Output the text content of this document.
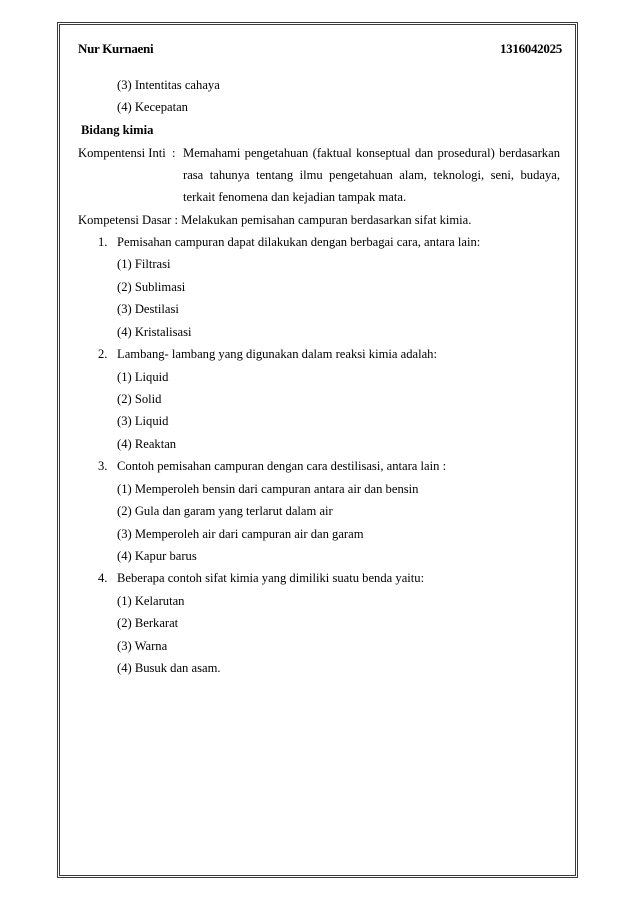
Nur Kurnaeni	1316042025
(3) Intentitas cahaya
(4) Kecepatan
Bidang kimia
Kompentensi Inti : Memahami pengetahuan (faktual konseptual dan prosedural) berdasarkan
rasa tahunya tentang ilmu pengetahuan alam, teknologi, seni, budaya,
terkait fenomena dan kejadian tampak mata.
Kompetensi Dasar : Melakukan pemisahan campuran berdasarkan sifat kimia.
1. Pemisahan campuran dapat dilakukan dengan berbagai cara, antara lain:
(1) Filtrasi
(2) Sublimasi
(3) Destilasi
(4) Kristalisasi
2. Lambang- lambang yang digunakan dalam reaksi kimia adalah:
(1) Liquid
(2) Solid
(3) Liquid
(4) Reaktan
3. Contoh pemisahan campuran dengan cara destilisasi, antara lain :
(1) Memperoleh bensin dari campuran antara air dan bensin
(2) Gula dan garam yang terlarut dalam air
(3) Memperoleh air dari campuran air dan garam
(4) Kapur barus
4. Beberapa contoh sifat kimia yang dimiliki suatu benda yaitu:
(1) Kelarutan
(2) Berkarat
(3) Warna
(4) Busuk dan asam.
